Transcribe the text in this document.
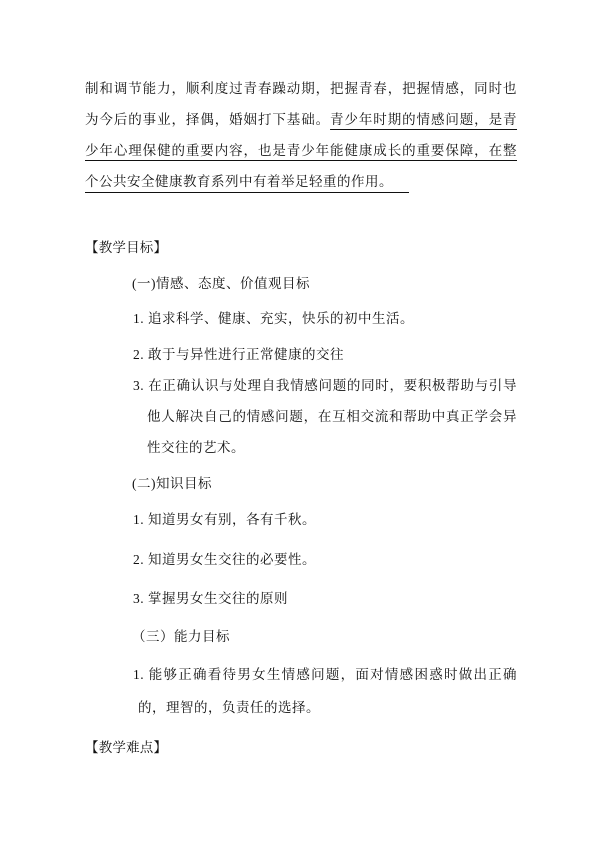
制和调节能力，顺利度过青春躁动期，把握青春，把握情感，同时也
为今后的事业，择偶，婚姻打下基础。青少年时期的情感问题，是青
少年心理保健的重要内容，也是青少年能健康成长的重要保障，在整
个公共安全健康教育系列中有着举足轻重的作用。
【教学目标】
(一)情感、态度、价值观目标
1. 追求科学、健康、充实，快乐的初中生活。
2. 敢于与异性进行正常健康的交往
3. 在正确认识与处理自我情感问题的同时，要积极帮助与引导
他人解决自己的情感问题，在互相交流和帮助中真正学会异
性交往的艺术。
(二)知识目标
1. 知道男女有别，各有千秋。
2. 知道男女生交往的必要性。
3. 掌握男女生交往的原则
（三）能力目标
1. 能够正确看待男女生情感问题，面对情感困惑时做出正确
的，理智的，负责任的选择。
【教学难点】
